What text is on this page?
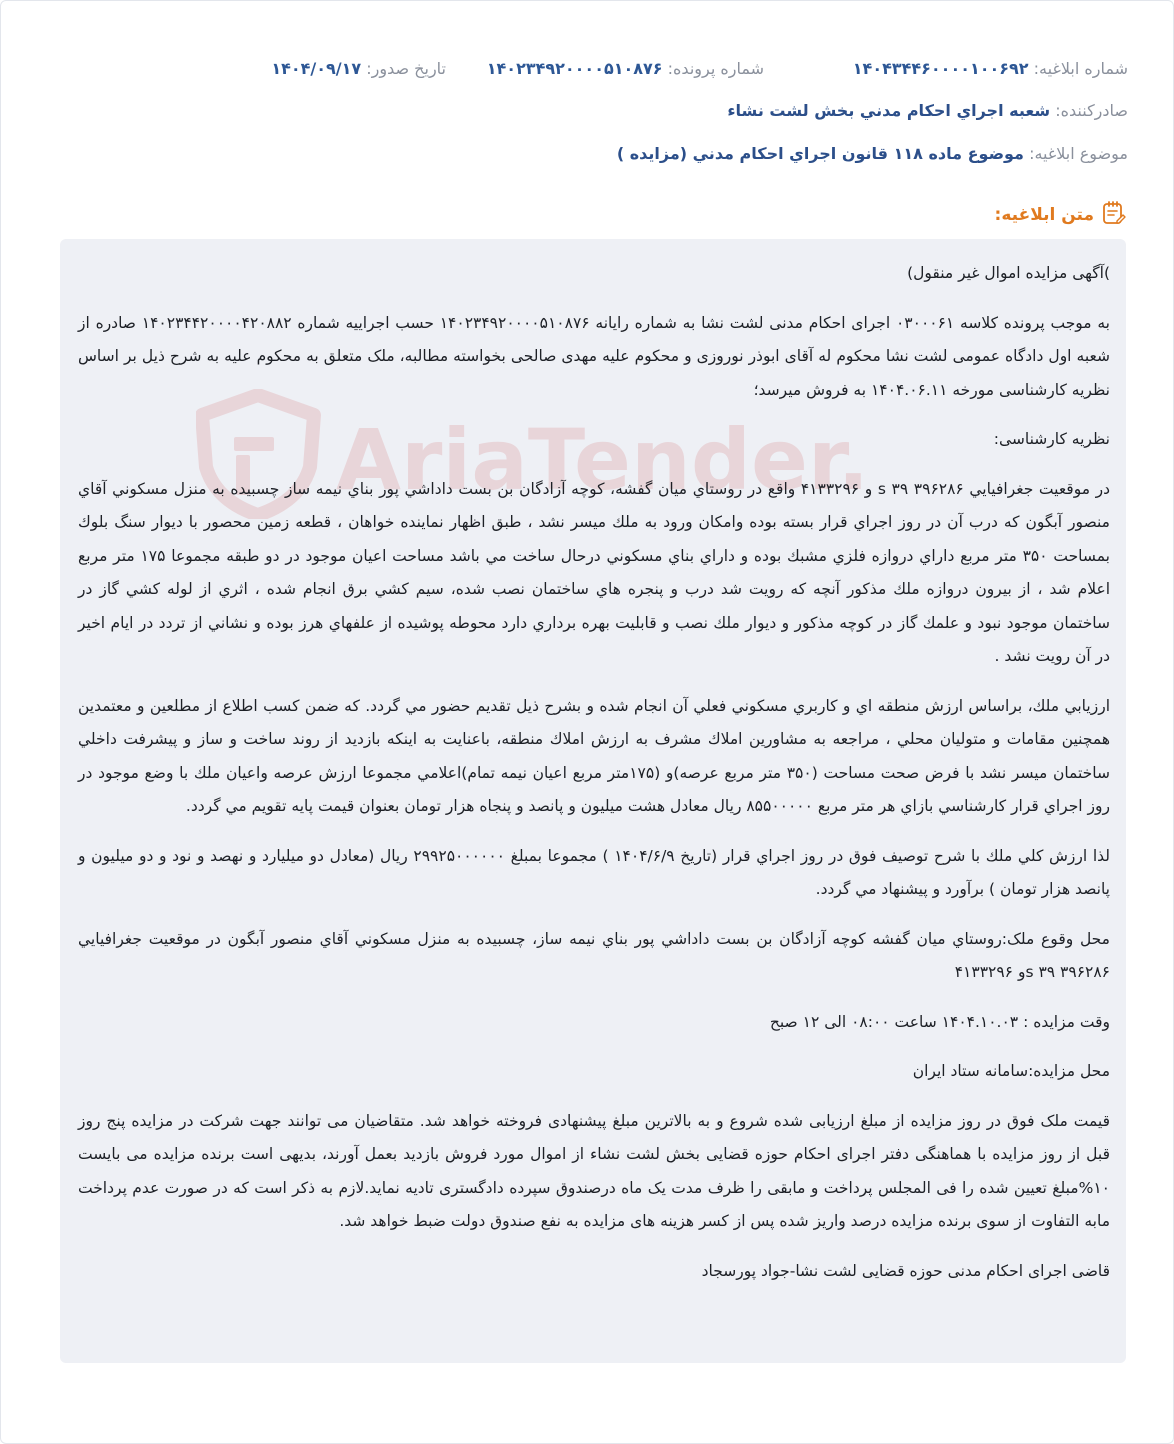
شماره ابلاغيه: ۱۴۰۴۳۴۴۶۰۰۰۰۱۰۰۶۹۲
شماره پرونده: ۱۴۰۲۳۴۹۲۰۰۰۰۵۱۰۸۷۶
تاريخ صدور: ۱۴۰۴/۰۹/۱۷
صادرکننده: شعبه اجراي احکام مدني بخش لشت نشاء
موضوع ابلاغيه: موضوع ماده ۱۱۸ قانون اجراي احکام مدني (مزايده )
متن ابلاغيه:
AriaTender.

)آگهی مزایده اموال غیر منقول)

به موجب پرونده کلاسه ۰۳۰۰۰۶۱ اجرای احکام مدنی لشت نشا به شماره رایانه ۱۴۰۲۳۴۹۲۰۰۰۰۵۱۰۸۷۶ حسب اجراییه شماره ۱۴۰۲۳۴۴۲۰۰۰۰۴۲۰۸۸۲ صادره از شعبه اول دادگاه عمومی لشت نشا محکوم له آقای ابوذر نوروزی و محکوم علیه مهدی صالحی بخواسته مطالبه، ملک متعلق به محکوم علیه به شرح ذیل بر اساس نظریه کارشناسی مورخه ۱۴۰۴.۰۶.۱۱ به فروش میرسد؛

نظریه کارشناسی:

در موقعيت جغرافيايي ۳۹۶۲۸۶ s ۳۹ و ۴۱۳۳۲۹۶ واقع در روستاي ميان گفشه، کوچه آزادگان بن بست داداشي پور بناي نيمه ساز چسبيده به منزل مسکوني آقاي منصور آبگون که درب آن در روز اجراي قرار بسته بوده وامکان ورود به ملك ميسر نشد ، طبق اظهار نماينده خواهان ، قطعه زمين محصور با ديوار سنگ بلوك بمساحت ۳۵۰ متر مربع داراي دروازه فلزي مشبك بوده و داراي بناي مسکوني درحال ساخت مي باشد مساحت اعيان موجود در دو طبقه مجموعا ۱۷۵ متر مربع اعلام شد ، از بيرون دروازه ملك مذکور آنچه که رويت شد درب و پنجره هاي ساختمان نصب شده، سيم کشي برق انجام شده ، اثري از لوله کشي گاز در ساختمان موجود نبود و علمك گاز در کوچه مذکور و ديوار ملك نصب و قابليت بهره برداري دارد محوطه پوشيده از علفهاي هرز بوده و نشاني از تردد در ايام اخير در آن رويت نشد .

ارزيابي ملك، براساس ارزش منطقه اي و کاربري مسکوني فعلي آن انجام شده و بشرح ذيل تقديم حضور مي گردد. که ضمن کسب اطلاع از مطلعين و معتمدين همچنين مقامات و متوليان محلي ، مراجعه به مشاورين املاك مشرف به ارزش املاك منطقه، باعنايت به اينکه بازديد از روند ساخت و ساز و پيشرفت داخلي ساختمان ميسر نشد با فرض صحت مساحت (۳۵۰ متر مربع عرصه)و (۱۷۵متر مربع اعيان نيمه تمام)اعلامي مجموعا ارزش عرصه واعيان ملك با وضع موجود در روز اجراي قرار کارشناسي بازاي هر متر مربع ۸۵۵۰۰۰۰۰ ريال معادل هشت ميليون و پانصد و پنجاه هزار تومان بعنوان قيمت پايه تقويم مي گردد.

لذا ارزش کلي ملك با شرح توصيف فوق در روز اجراي قرار (تاريخ ۱۴۰۴/۶/۹ ) مجموعا بمبلغ ۲۹۹۲۵۰۰۰۰۰۰ ريال (معادل دو ميليارد و نهصد و نود و دو ميليون و پانصد هزار تومان ) برآورد و پيشنهاد مي گردد.

محل وقوع ملک:روستاي ميان گفشه کوچه آزادگان بن بست داداشي پور بناي نيمه ساز، چسبيده به منزل مسکوني آقاي منصور آبگون در موقعيت جغرافيايي ۳۹۶۲۸۶ ۳۹ sو ۴۱۳۳۲۹۶

وقت مزایده : ۱۴۰۴.۱۰.۰۳ ساعت ۰۸:۰۰ الی ۱۲ صبح

محل مزایده:سامانه ستاد ایران

قیمت ملک فوق در روز مزایده از مبلغ ارزیابی شده شروع و به بالاترین مبلغ پیشنهادی فروخته خواهد شد. متقاضیان می توانند جهت شرکت در مزایده پنج روز قبل از روز مزایده با هماهنگی دفتر اجرای احکام حوزه قضایی بخش لشت نشاء از اموال مورد فروش بازدید بعمل آورند، بدیهی است برنده مزایده می بایست ۱۰%مبلغ تعیین شده را فی المجلس پرداخت و مابقی را ظرف مدت یک ماه درصندوق سپرده دادگستری تادیه نماید.لازم به ذکر است که در صورت عدم پرداخت مابه التفاوت از سوی برنده مزایده درصد واریز شده پس از کسر هزینه های مزایده به نفع صندوق دولت ضبط خواهد شد.

قاضی اجرای احکام مدنی حوزه قضایی لشت نشا-جواد پورسجاد
